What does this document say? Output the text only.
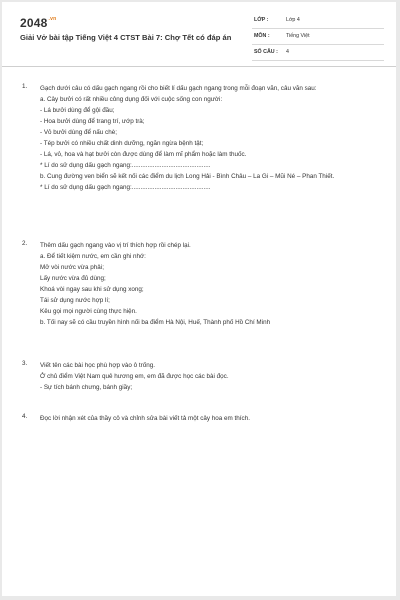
$2048^{.vn}$
Giải Vở bài tập Tiếng Việt 4 CTST Bài 7: Chợ Tết có đáp án
LỚP :	Lớp 4
MÔN :	Tiếng Việt
SỐ CÂU : 4
1. Gạch dưới câu có dấu gạch ngang rồi cho biết lí dấu gạch ngang trong mỗi đoạn văn, câu văn sau:
a. Cây bưởi có rất nhiều công dụng đối với cuộc sống con người:
- Lá bưởi dùng để gội đầu;
- Hoa bưởi dùng để trang trí, ướp trà;
- Vỏ bưởi dùng để nấu chè;
- Tép bưởi có nhiều chất dinh dưỡng, ngăn ngừa bệnh tật;
- Lá, vỏ, hoa và hạt bưởi còn được dùng để làm mĩ phẩm hoặc làm thuốc.
* Lí do sử dụng dấu gạch ngang:.............................................
b. Cung đường ven biển sẽ kết nối các điểm du lịch Long Hải - Bình Châu – La Gi – Mũi Né – Phan Thiết.
* Lí do sử dụng dấu gạch ngang:.............................................
2. Thêm dấu gạch ngang vào vị trí thích hợp rồi chép lại.
a. Để tiết kiệm nước, em cần ghi nhớ:
Mở vòi nước vừa phải;
Lấy nước vừa đủ dùng;
Khoá vòi ngay sau khi sử dụng xong;
Tái sử dụng nước hợp lí;
Kêu gọi mọi người cùng thực hiện.
b. Tối nay sẽ có cầu truyền hình nối ba điểm Hà Nội, Huế, Thành phố Hồ Chí Minh
3. Viết tên các bài học phù hợp vào ô trống.
Ở chủ điểm Việt Nam quê hương em, em đã được học các bài đọc.
- Sự tích bánh chưng, bánh giầy;
4. Đọc lời nhận xét của thầy cô và chỉnh sửa bài viết tả một cây hoa em thích.
